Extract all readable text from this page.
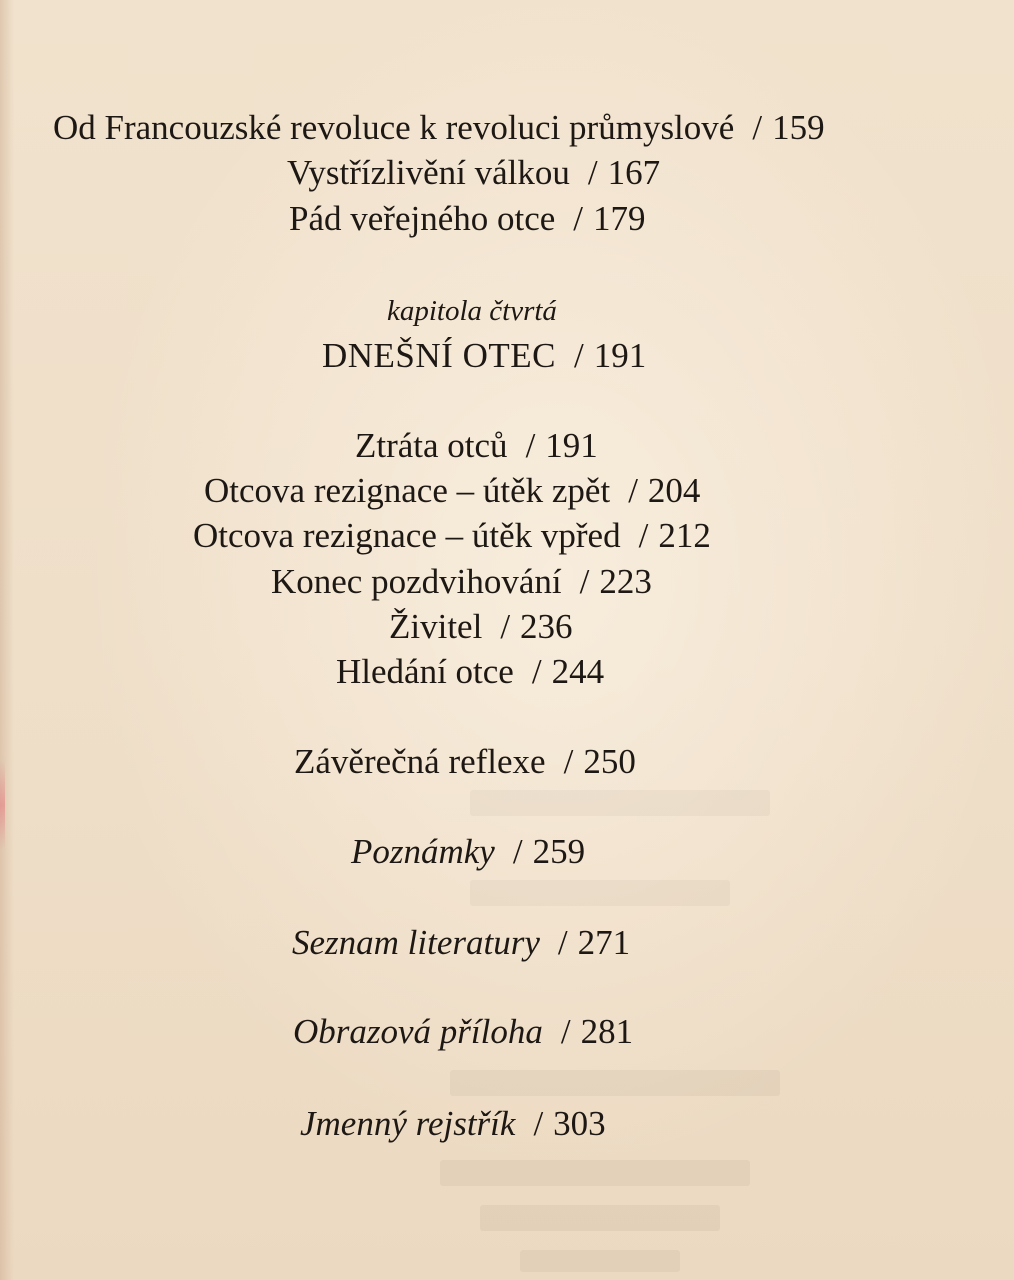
Od Francouzské revoluce k revoluci průmyslové / 159
Vystřízlivění válkou / 167
Pád veřejného otce / 179
kapitola čtvrtá
DNEŠNÍ OTEC / 191
Ztráta otců / 191
Otcova rezignace – útěk zpět / 204
Otcova rezignace – útěk vpřed / 212
Konec pozdvihování / 223
Živitel / 236
Hledání otce / 244
Závěrečná reflexe / 250
Poznámky / 259
Seznam literatury / 271
Obrazová příloha / 281
Jmenný rejstřík / 303
